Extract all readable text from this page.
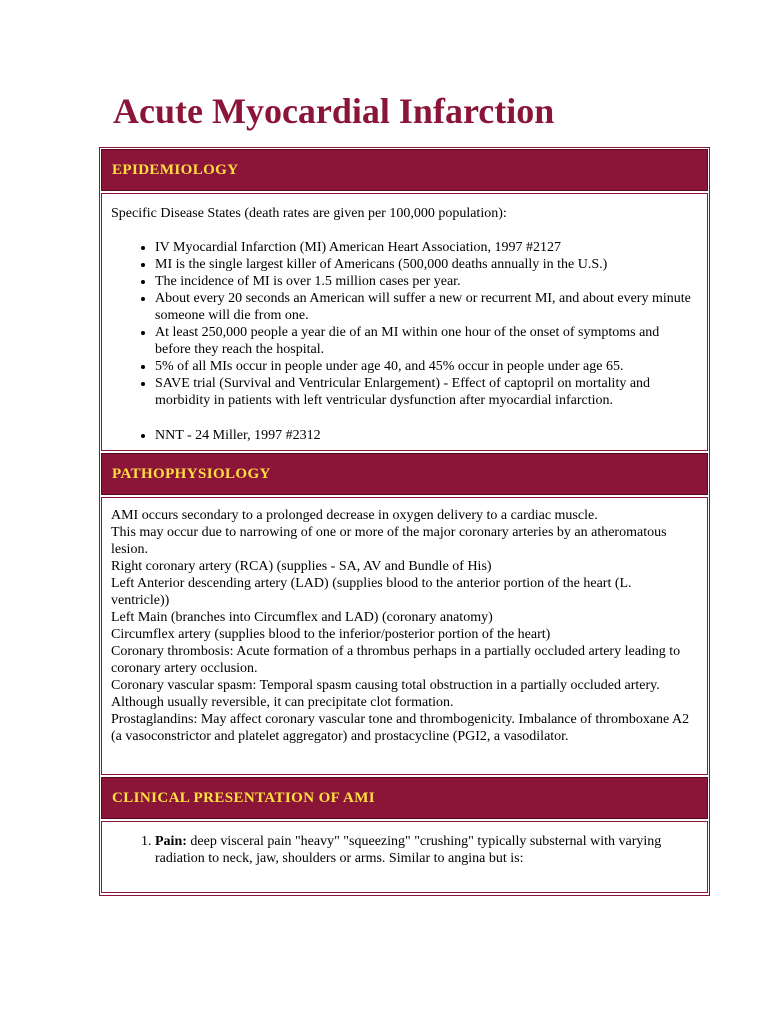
Acute Myocardial Infarction
EPIDEMIOLOGY

Specific Disease States (death rates are given per 100,000 population):

• IV Myocardial Infarction (MI) American Heart Association, 1997 #2127
• MI is the single largest killer of Americans (500,000 deaths annually in the U.S.)
• The incidence of MI is over 1.5 million cases per year.
• About every 20 seconds an American will suffer a new or recurrent MI, and about every minute someone will die from one.
• At least 250,000 people a year die of an MI within one hour of the onset of symptoms and before they reach the hospital.
• 5% of all MIs occur in people under age 40, and 45% occur in people under age 65.
• SAVE trial (Survival and Ventricular Enlargement) - Effect of captopril on mortality and morbidity in patients with left ventricular dysfunction after myocardial infarction.
• NNT - 24 Miller, 1997 #2312
PATHOPHYSIOLOGY
AMI occurs secondary to a prolonged decrease in oxygen delivery to a cardiac muscle.
This may occur due to narrowing of one or more of the major coronary arteries by an atheromatous lesion.
Right coronary artery (RCA) (supplies - SA, AV and Bundle of His)
Left Anterior descending artery (LAD) (supplies blood to the anterior portion of the heart (L. ventricle))
Left Main (branches into Circumflex and LAD) (coronary anatomy)
Circumflex artery (supplies blood to the inferior/posterior portion of the heart)
Coronary thrombosis: Acute formation of a thrombus perhaps in a partially occluded artery leading to coronary artery occlusion.
Coronary vascular spasm: Temporal spasm causing total obstruction in a partially occluded artery. Although usually reversible, it can precipitate clot formation.
Prostaglandins: May affect coronary vascular tone and thrombogenicity. Imbalance of thromboxane A2 (a vasoconstrictor and platelet aggregator) and prostacycline (PGI2, a vasodilator.
CLINICAL PRESENTATION OF AMI
1. Pain: deep visceral pain "heavy" "squeezing" "crushing" typically substernal with varying radiation to neck, jaw, shoulders or arms. Similar to angina but is:
